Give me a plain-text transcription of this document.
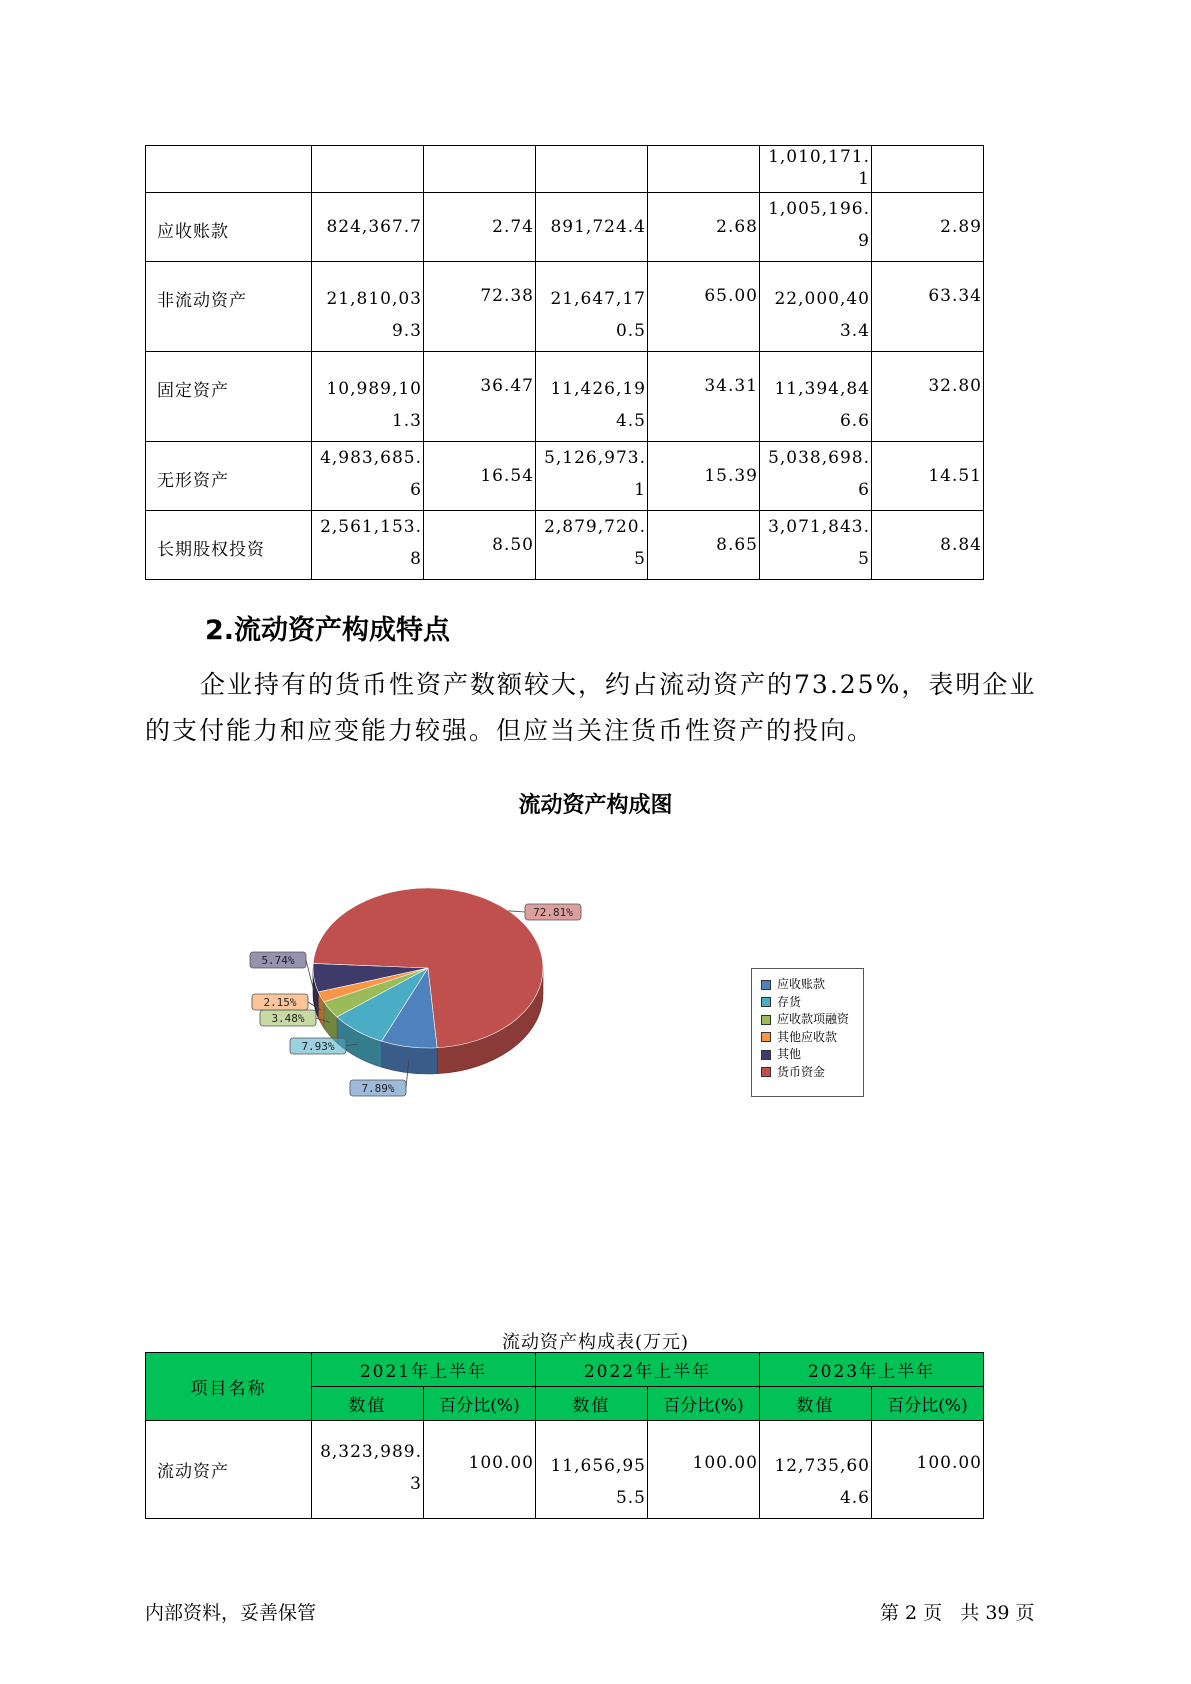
					1,010,171.1	
应收账款	824,367.7	2.74	891,724.4	2.68	1,005,196.9	2.89
非流动资产	21,810,039.3	72.38	21,647,170.5	65.00	22,000,403.4	63.34
固定资产	10,989,101.3	36.47	11,426,194.5	34.31	11,394,846.6	32.80
无形资产	4,983,685.6	16.54	5,126,973.1	15.39	5,038,698.6	14.51
长期股权投资	2,561,153.8	8.50	2,879,720.5	8.65	3,071,843.5	8.84
2.流动资产构成特点
企业持有的货币性资产数额较大，约占流动资产的73.25%，表明企业的支付能力和应变能力较强。但应当关注货币性资产的投向。
流动资产构成图
7.89%
7.93%
3.48%
2.15%
5.74%
72.81%
应收账款
存货
应收款项融资
其他应收款
其他
货币资金
流动资产构成表(万元)
项目名称	2021年上半年		2022年上半年		2023年上半年	
	数值	百分比(%)	数值	百分比(%)	数值	百分比(%)
流动资产	8,323,989.3	100.00	11,656,955.5	100.00	12,735,604.6	100.00
内部资料，妥善保管	第 2 页   共 39 页
